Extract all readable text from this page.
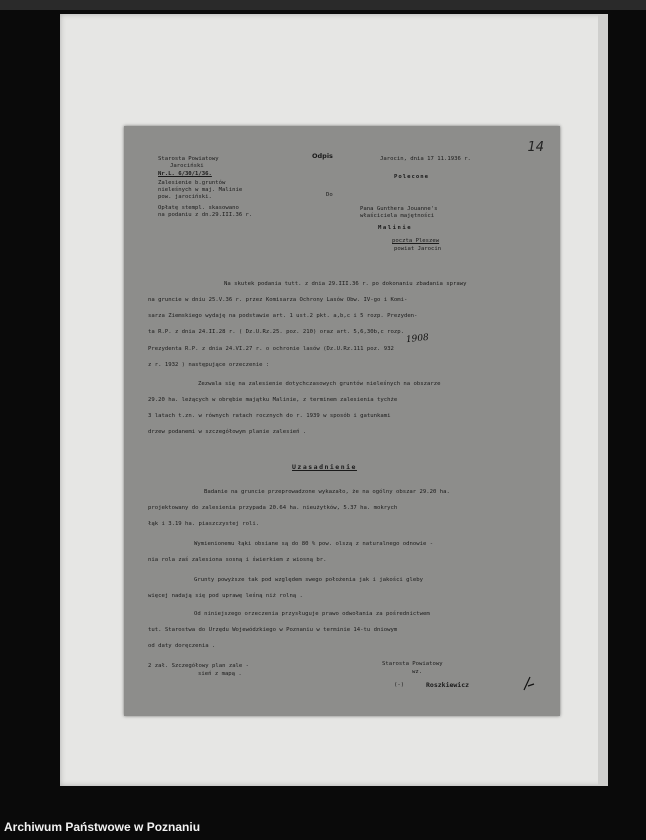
Starosta Powiatowy
Jarociński
Nr.L. 6/30/1/36.
Zalesienie b.gruntów
nieleśnych w maj. Malinie
pow. jarociński.
Opłatę stempl. skasowano
na podaniu z dn.29.III.36 r.
Odpis	Jarocin, dnia 17 11.1936 r.
14
Polecone
Do
Pana Gunthera Jouanne's
właściciela majętności
Malinie
poczta Pleszew
powiat Jarocin
Na skutek podania tutt. z dnia 29.III.36 r. po dokonaniu zbadania sprawy
na gruncie w dniu 25.V.36 r. przez Komisarza Ochrony Lasów Obw. IV-go i Komi-
sarza Ziemskiego wydaję na podstawie art. 1 ust.2 pkt. a,b,c i 5 rozp. Prezyden-
ta R.P. z dnia 24.II.28 r. ( Dz.U.Rz.25. poz. 210) oraz art. 5,6,30b,c rozp.
Prezydenta R.P. z dnia 24.VI.27 r. o ochronie lasów (Dz.U.Rz.111 poz. 932
z r. 1932 ) następujące orzeczenie :
Zezwala się na zalesienie dotychczasowych gruntów nieleśnych na obszarze
29.20 ha. leżących w obrębie majątku Malinie, z terminem zalesienia tychże
3 latach t.zn. w równych ratach rocznych do r. 1939 w sposób i gatunkami
drzew podanemi w szczegółowym planie zalesień .
1908
Uzasadnienie
Badanie na gruncie przeprowadzone wykazało, że na ogólny obszar 29.20 ha.
projektowany do zalesienia przypada 20.64 ha. nieużytków, 5.37 ha. mokrych
łąk i 3.19 ha. piaszczystej roli.
Wymienionemu łąki obsiane są do 80 % pow. olszą z naturalnego odnowie -
nia rola zaś zalesiona sosną i świerkiem z wiosną br.
Grunty powyższe tak pod względem swego położenia jak i jakości gleby
więcej nadają się pod uprawę leśną niż rolną .
Od niniejszego orzeczenia przysługuje prawo odwołania za pośrednictwem
tut. Starostwa do Urzędu Wojewódzkiego w Poznaniu w terminie 14-tu dniowym
od daty doręczenia .
2 zał. Szczegółowy plan zale -
sień z mapą .
Starosta Powiatowy
wz.
(-)	Roszkiewicz
Archiwum Państwowe w Poznaniu
